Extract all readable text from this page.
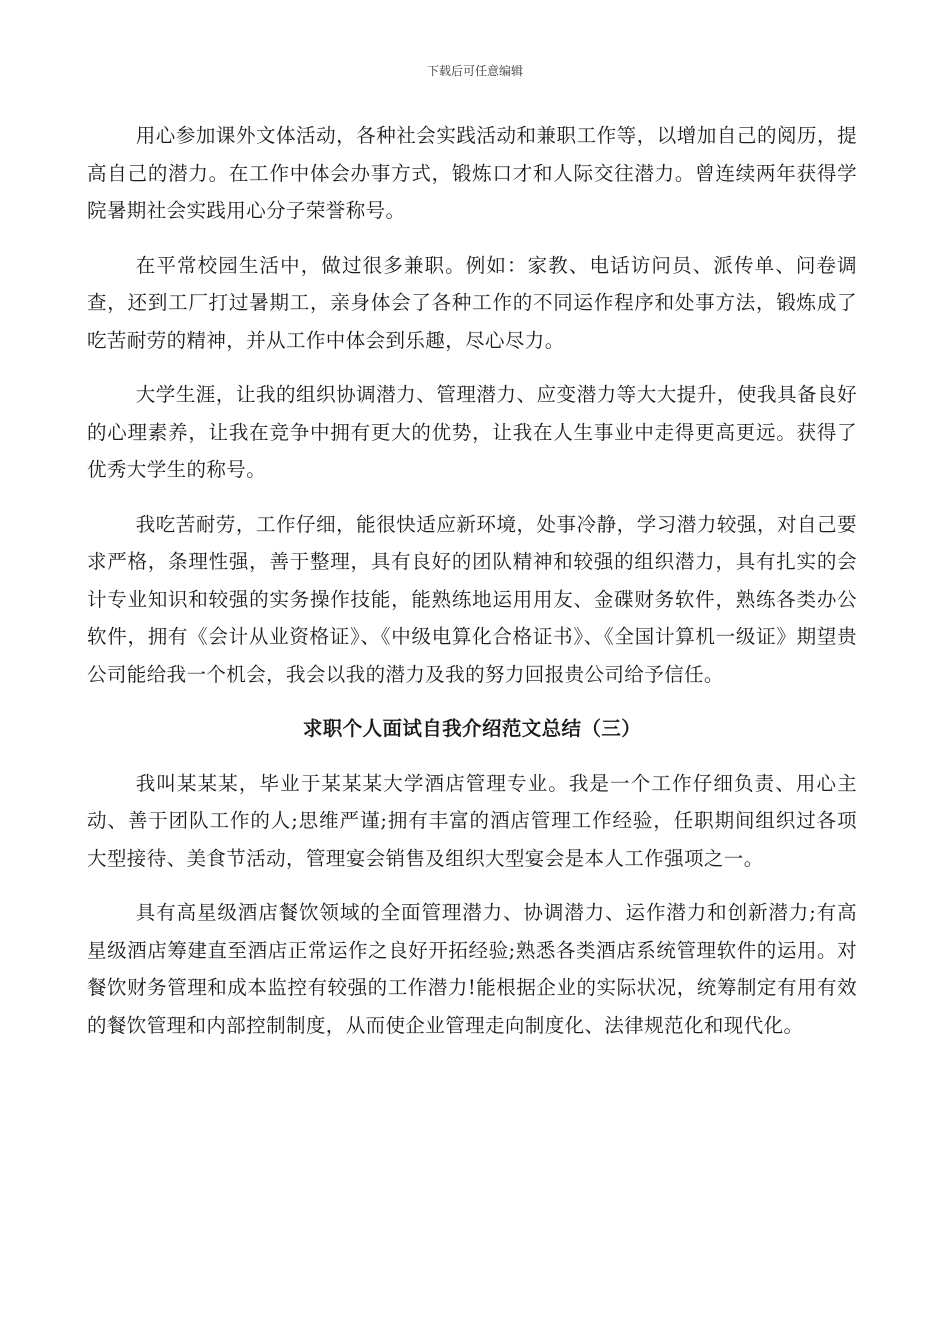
下载后可任意编辑

用心参加课外文体活动，各种社会实践活动和兼职工作等，以增加自己的阅历，提高自己的潜力。在工作中体会办事方式，锻炼口才和人际交往潜力。曾连续两年获得学院暑期社会实践用心分子荣誉称号。

在平常校园生活中，做过很多兼职。例如：家教、电话访问员、派传单、问卷调查，还到工厂打过暑期工，亲身体会了各种工作的不同运作程序和处事方法，锻炼成了吃苦耐劳的精神，并从工作中体会到乐趣，尽心尽力。

大学生涯，让我的组织协调潜力、管理潜力、应变潜力等大大提升，使我具备良好的心理素养，让我在竞争中拥有更大的优势，让我在人生事业中走得更高更远。获得了优秀大学生的称号。

我吃苦耐劳，工作仔细，能很快适应新环境，处事冷静，学习潜力较强，对自己要求严格，条理性强，善于整理，具有良好的团队精神和较强的组织潜力，具有扎实的会计专业知识和较强的实务操作技能，能熟练地运用用友、金碟财务软件，熟练各类办公软件，拥有《会计从业资格证》、《中级电算化合格证书》、《全国计算机一级证》期望贵公司能给我一个机会，我会以我的潜力及我的努力回报贵公司给予信任。

求职个人面试自我介绍范文总结（三）

我叫某某某，毕业于某某某大学酒店管理专业。我是一个工作仔细负责、用心主动、善于团队工作的人;思维严谨;拥有丰富的酒店管理工作经验，任职期间组织过各项大型接待、美食节活动，管理宴会销售及组织大型宴会是本人工作强项之一。

具有高星级酒店餐饮领域的全面管理潜力、协调潜力、运作潜力和创新潜力;有高星级酒店筹建直至酒店正常运作之良好开拓经验;熟悉各类酒店系统管理软件的运用。对餐饮财务管理和成本监控有较强的工作潜力!能根据企业的实际状况，统筹制定有用有效的餐饮管理和内部控制制度，从而使企业管理走向制度化、法律规范化和现代化。
